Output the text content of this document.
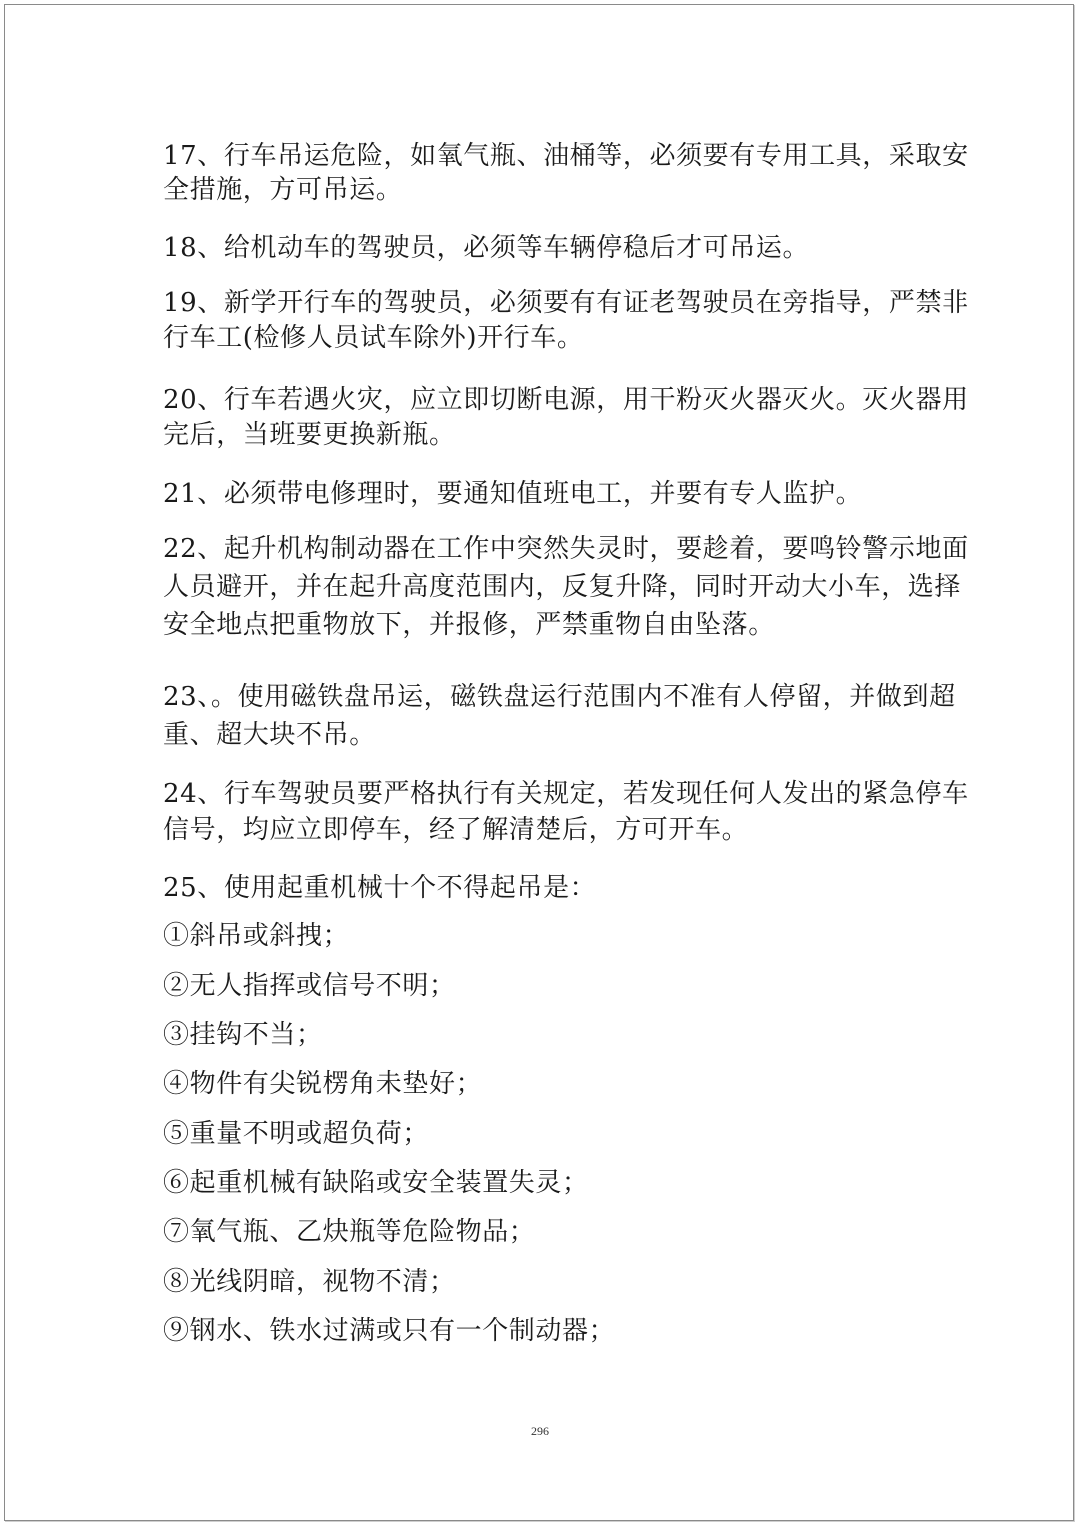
17、行车吊运危险，如氧气瓶、油桶等，必须要有专用工具，采取安
全措施，方可吊运。
18、给机动车的驾驶员，必须等车辆停稳后才可吊运。
19、新学开行车的驾驶员，必须要有有证老驾驶员在旁指导，严禁非
行车工(检修人员试车除外)开行车。
20、行车若遇火灾，应立即切断电源，用干粉灭火器灭火。灭火器用
完后，当班要更换新瓶。
21、必须带电修理时，要通知值班电工，并要有专人监护。
22、起升机构制动器在工作中突然失灵时，要趁着，要鸣铃警示地面
人员避开，并在起升高度范围内，反复升降，同时开动大小车，选择
安全地点把重物放下，并报修，严禁重物自由坠落。
23、。使用磁铁盘吊运，磁铁盘运行范围内不准有人停留，并做到超
重、超大块不吊。
24、行车驾驶员要严格执行有关规定，若发现任何人发出的紧急停车
信号，均应立即停车，经了解清楚后，方可开车。
25、使用起重机械十个不得起吊是：
①斜吊或斜拽；
②无人指挥或信号不明；
③挂钩不当；
④物件有尖锐楞角未垫好；
⑤重量不明或超负荷；
⑥起重机械有缺陷或安全装置失灵；
⑦氧气瓶、乙炔瓶等危险物品；
⑧光线阴暗，视物不清；
⑨钢水、铁水过满或只有一个制动器；
296
